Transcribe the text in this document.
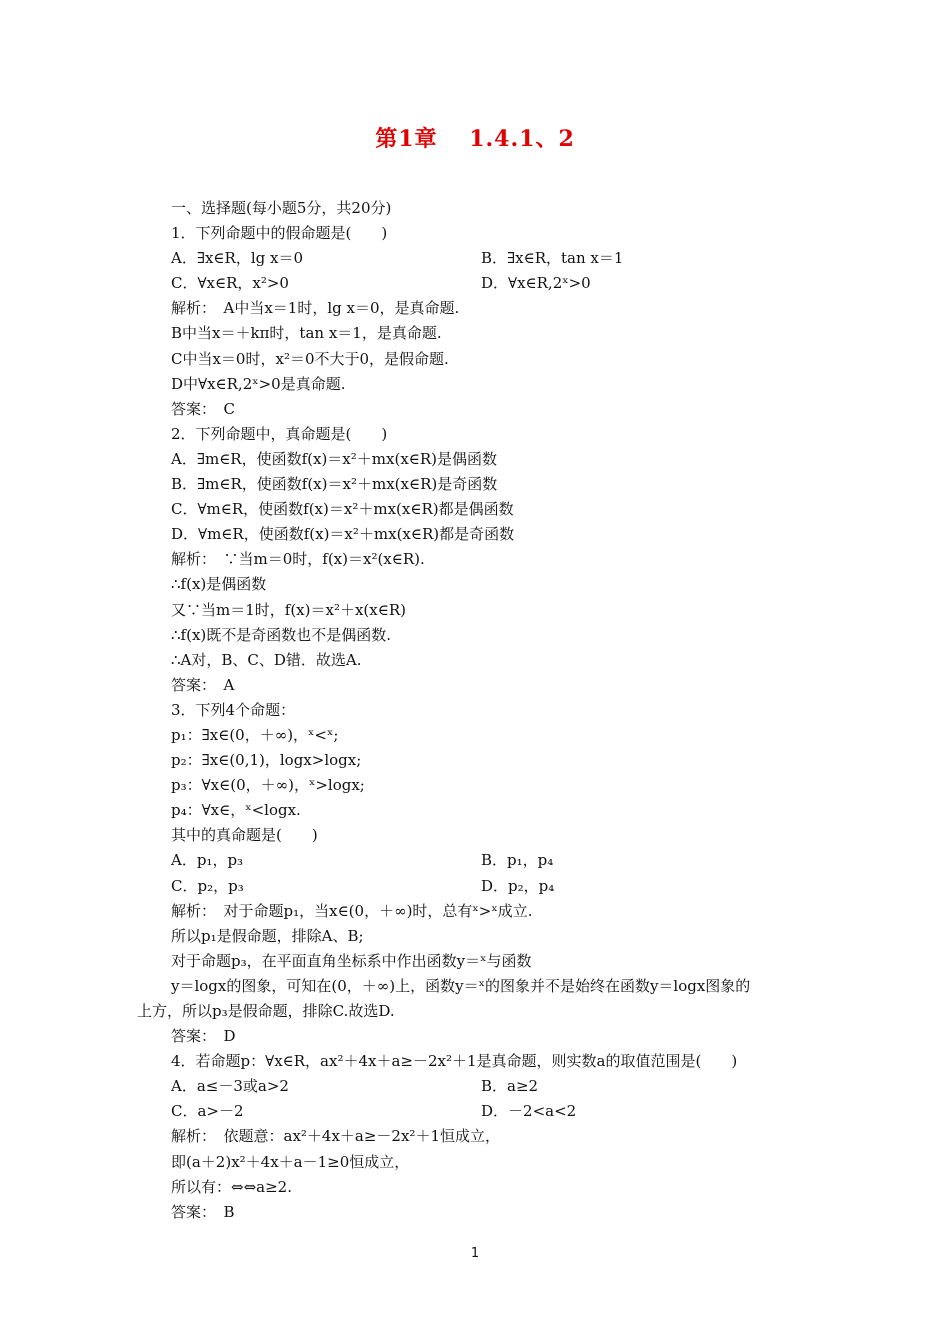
第1章　 1.4.1、2
一、选择题(每小题5分，共20分)
1．下列命题中的假命题是(　　)
A．∃x∈R，lg x＝0	B．∃x∈R，tan x＝1
C．∀x∈R，x²>0	D．∀x∈R,2ˣ>0
解析：　A中当x＝1时，lg x＝0，是真命题.
B中当x＝＋kπ时，tan x＝1，是真命题.
C中当x＝0时，x²＝0不大于0，是假命题.
D中∀x∈R,2ˣ>0是真命题.
答案：　C
2．下列命题中，真命题是(　　)
A．∃m∈R，使函数f(x)＝x²＋mx(x∈R)是偶函数
B．∃m∈R，使函数f(x)＝x²＋mx(x∈R)是奇函数
C．∀m∈R，使函数f(x)＝x²＋mx(x∈R)都是偶函数
D．∀m∈R，使函数f(x)＝x²＋mx(x∈R)都是奇函数
解析：　∵当m＝0时，f(x)＝x²(x∈R).
∴f(x)是偶函数
又∵当m＝1时，f(x)＝x²＋x(x∈R)
∴f(x)既不是奇函数也不是偶函数.
∴A对，B、C、D错．故选A.
答案：　A
3．下列4个命题：
p₁：∃x∈(0，＋∞)，ˣ<ˣ;
p₂：∃x∈(0,1)，logx>logx;
p₃：∀x∈(0，＋∞)，ˣ>logx;
p₄：∀x∈，ˣ<logx.
其中的真命题是(　　)
A．p₁，p₃	B．p₁，p₄
C．p₂，p₃	D．p₂，p₄
解析：　对于命题p₁，当x∈(0，＋∞)时，总有ˣ>ˣ成立.
所以p₁是假命题，排除A、B;
对于命题p₃，在平面直角坐标系中作出函数y＝ˣ与函数
y＝logx的图象，可知在(0，＋∞)上，函数y＝ˣ的图象并不是始终在函数y＝logx图象的
上方，所以p₃是假命题，排除C.故选D.
答案：　D
4．若命题p：∀x∈R，ax²＋4x＋a≥－2x²＋1是真命题，则实数a的取值范围是(　　)
A．a≤－3或a>2	B．a≥2
C．a>－2	D．－2<a<2
解析：　依题意：ax²＋4x＋a≥－2x²＋1恒成立，
即(a＋2)x²＋4x＋a－1≥0恒成立，
所以有：⇔⇔a≥2.
答案：　B
1
